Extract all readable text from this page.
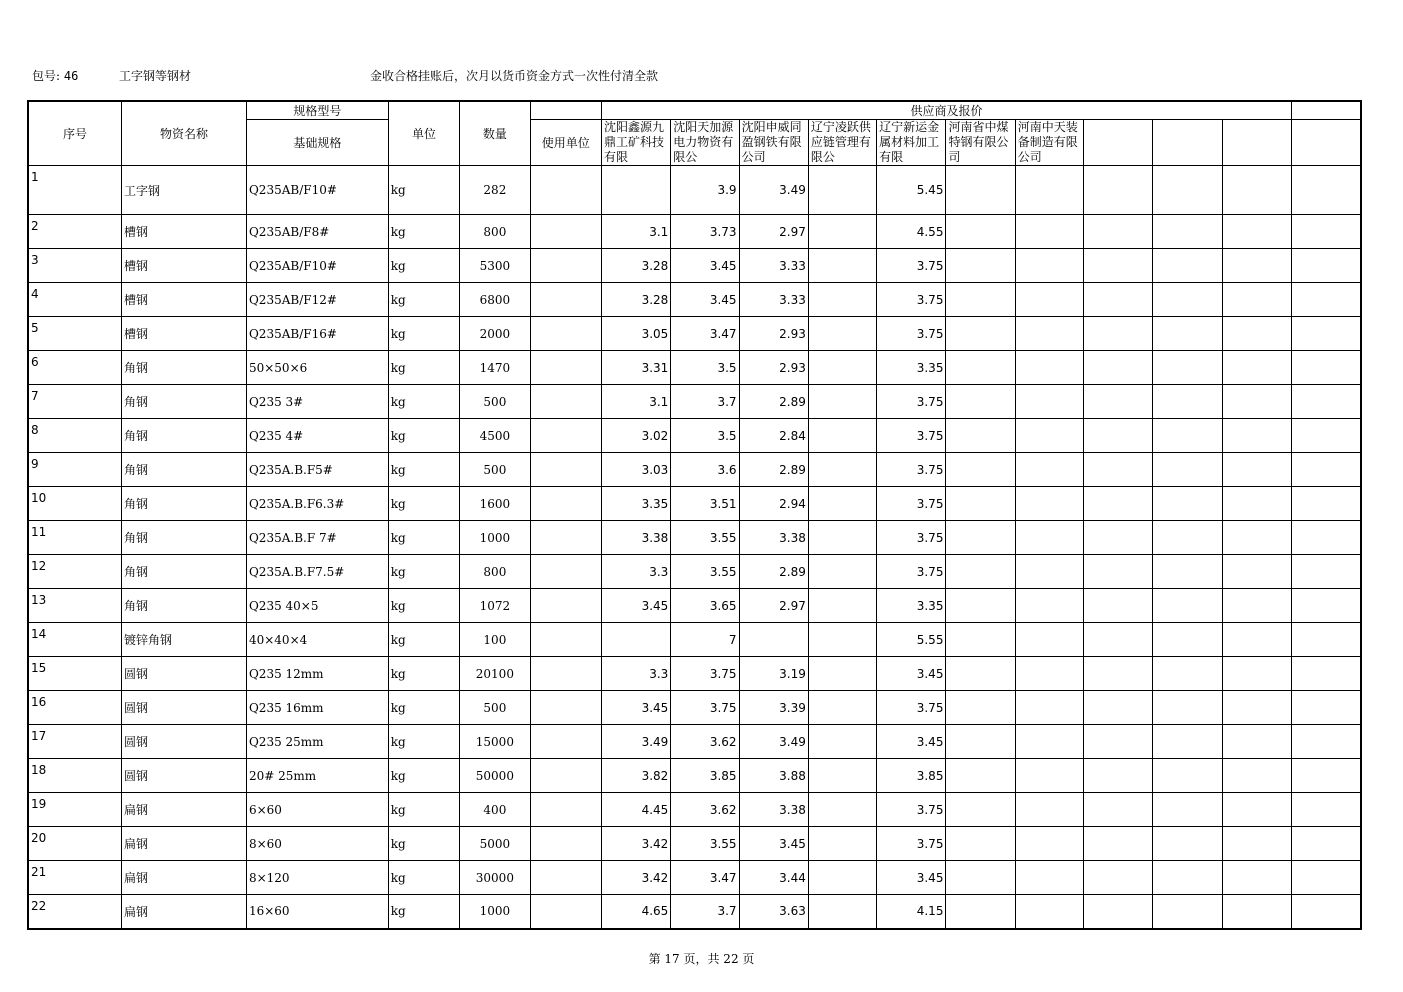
包号: 46	工字钢等钢材	金收合格挂账后，次月以货币资金方式一次性付清全款
序号	物资名称	规格型号	单位	数量		供应商及报价										
		基础规格			使用单位	沈阳鑫源九鼎工矿科技有限	沈阳天加源电力物资有限公	沈阳申威同盈钢铁有限公司	辽宁凌跃供应链管理有限公	辽宁新运金属材料加工有限	河南省中煤特钢有限公司	河南中天装备制造有限公司				
1	工字钢	Q235AB/F10#	kg	282			3.9	3.49		5.45						
2	槽钢	Q235AB/F8#	kg	800		3.1	3.73	2.97		4.55						
3	槽钢	Q235AB/F10#	kg	5300		3.28	3.45	3.33		3.75						
4	槽钢	Q235AB/F12#	kg	6800		3.28	3.45	3.33		3.75						
5	槽钢	Q235AB/F16#	kg	2000		3.05	3.47	2.93		3.75						
6	角钢	50×50×6	kg	1470		3.31	3.5	2.93		3.35						
7	角钢	Q235 3#	kg	500		3.1	3.7	2.89		3.75						
8	角钢	Q235 4#	kg	4500		3.02	3.5	2.84		3.75						
9	角钢	Q235A.B.F5#	kg	500		3.03	3.6	2.89		3.75						
10	角钢	Q235A.B.F6.3#	kg	1600		3.35	3.51	2.94		3.75						
11	角钢	Q235A.B.F 7#	kg	1000		3.38	3.55	3.38		3.75						
12	角钢	Q235A.B.F7.5#	kg	800		3.3	3.55	2.89		3.75						
13	角钢	Q235 40×5	kg	1072		3.45	3.65	2.97		3.35						
14	镀锌角钢	40×40×4	kg	100			7			5.55						
15	圆钢	Q235 12mm	kg	20100		3.3	3.75	3.19		3.45						
16	圆钢	Q235 16mm	kg	500		3.45	3.75	3.39		3.75						
17	圆钢	Q235 25mm	kg	15000		3.49	3.62	3.49		3.45						
18	圆钢	20# 25mm	kg	50000		3.82	3.85	3.88		3.85						
19	扁钢	6×60	kg	400		4.45	3.62	3.38		3.75						
20	扁钢	8×60	kg	5000		3.42	3.55	3.45		3.75						
21	扁钢	8×120	kg	30000		3.42	3.47	3.44		3.45						
22	扁钢	16×60	kg	1000		4.65	3.7	3.63		4.15						
第 17 页，共 22 页
